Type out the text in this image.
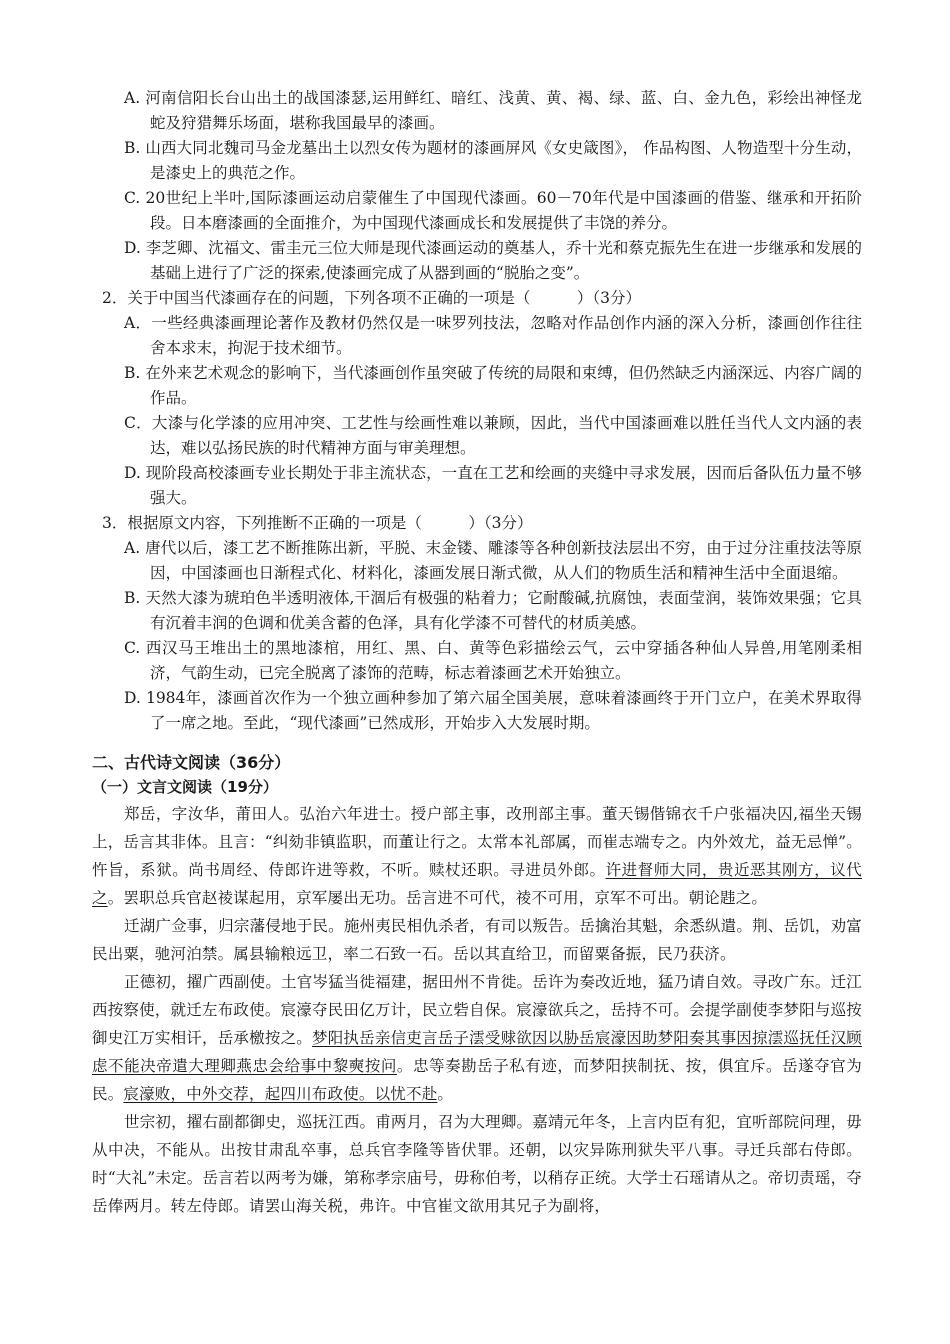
A. 河南信阳长台山出土的战国漆瑟,运用鲜红、暗红、浅黄、黄、褐、绿、蓝、白、金九色，彩绘出神怪龙蛇及狩猎舞乐场面，堪称我国最早的漆画。

B. 山西大同北魏司马金龙墓出土以烈女传为题材的漆画屏风《女史箴图》， 作品构图、人物造型十分生动，是漆史上的典范之作。

C. 20世纪上半叶,国际漆画运动启蒙催生了中国现代漆画。60－70年代是中国漆画的借鉴、继承和开拓阶段。日本磨漆画的全面推介，为中国现代漆画成长和发展提供了丰饶的养分。

D. 李芝卿、沈福文、雷圭元三位大师是现代漆画运动的奠基人，乔十光和蔡克振先生在进一步继承和发展的基础上进行了广泛的探索,使漆画完成了从器到画的“脱胎之变”。

2．关于中国当代漆画存在的问题，下列各项不正确的一项是（　　　）（3分）

A．一些经典漆画理论著作及教材仍然仅是一味罗列技法，忽略对作品创作内涵的深入分析，漆画创作往往舍本求末，拘泥于技术细节。

B. 在外来艺术观念的影响下，当代漆画创作虽突破了传统的局限和束缚，但仍然缺乏内涵深远、内容广阔的作品。

C．大漆与化学漆的应用冲突、工艺性与绘画性难以兼顾，因此，当代中国漆画难以胜任当代人文内涵的表达，难以弘扬民族的时代精神方面与审美理想。

D. 现阶段高校漆画专业长期处于非主流状态，一直在工艺和绘画的夹缝中寻求发展，因而后备队伍力量不够强大。

3．根据原文内容，下列推断不正确的一项是（　　　）（3分）

A. 唐代以后，漆工艺不断推陈出新，平脱、末金镂、雕漆等各种创新技法层出不穷，由于过分注重技法等原因，中国漆画也日渐程式化、材料化，漆画发展日渐式微，从人们的物质生活和精神生活中全面退缩。

B. 天然大漆为琥珀色半透明液体,干涸后有极强的粘着力；它耐酸碱,抗腐蚀，表面莹润，装饰效果强；它具有沉着丰润的色调和优美含蓄的色泽，具有化学漆不可替代的材质美感。

C. 西汉马王堆出土的黑地漆棺，用红、黑、白、黄等色彩描绘云气，云中穿插各种仙人异兽,用笔刚柔相济，气韵生动，已完全脱离了漆饰的范畴，标志着漆画艺术开始独立。

D. 1984年，漆画首次作为一个独立画种参加了第六届全国美展，意味着漆画终于开门立户，在美术界取得了一席之地。至此，“现代漆画”已然成形，开始步入大发展时期。

二、古代诗文阅读（36分）
（一）文言文阅读（19分）

郑岳，字汝华，莆田人。弘治六年进士。授户部主事，改刑部主事。董天锡偕锦衣千户张福决囚,福坐天锡上，岳言其非体。且言：“纠劾非镇监职，而董让行之。太常本礼部属，而崔志端专之。内外效尤，益无忌惮”。忤旨，系狱。尚书周经、侍郎许进等救，不听。赎杖还职。寻进员外郎。许进督师大同，贵近恶其刚方，议代之。罢职总兵官赵祾谋起用，京军屡出无功。岳言进不可代，祾不可用，京军不可出。朝论韪之。

迁湖广佥事，归宗藩侵地于民。施州夷民相仇杀者，有司以叛告。岳擒治其魁，余悉纵遣。荆、岳饥，劝富民出粟，驰河泊禁。属县输粮远卫，率二石致一石。岳以其直给卫，而留粟备振，民乃获济。

正德初，擢广西副使。土官岑猛当徙福建，据田州不肯徙。岳许为奏改近地，猛乃请自效。寻改广东。迁江西按察使，就迁左布政使。宸濠夺民田亿万计，民立砦自保。宸濠欲兵之，岳持不可。会提学副使李梦阳与巡按御史江万实相讦，岳承檄按之。梦阳执岳亲信吏言岳子澐受赇欲因以胁岳宸濠因助梦阳奏其事因掠澐巡抚任汉顾虑不能决帝遣大理卿燕忠会给事中黎奭按问。忠等奏勘岳子私有迹，而梦阳挟制抚、按，俱宜斥。岳遂夺官为民。宸濠败，中外交荐，起四川布政使。以忧不赴。

世宗初，擢右副都御史，巡抚江西。甫两月，召为大理卿。嘉靖元年冬，上言内臣有犯，宜听部院问理，毋从中决，不能从。出按甘肃乱卒事，总兵官李隆等皆伏罪。还朝，以灾异陈刑狱失平八事。寻迁兵部右侍郎。时“大礼”未定。岳言若以两考为嫌，第称孝宗庙号，毋称伯考，以稍存正统。大学士石瑶请从之。帝切责瑶，夺岳俸两月。转左侍郎。请罢山海关税，弗许。中官崔文欲用其兄子为副将，
